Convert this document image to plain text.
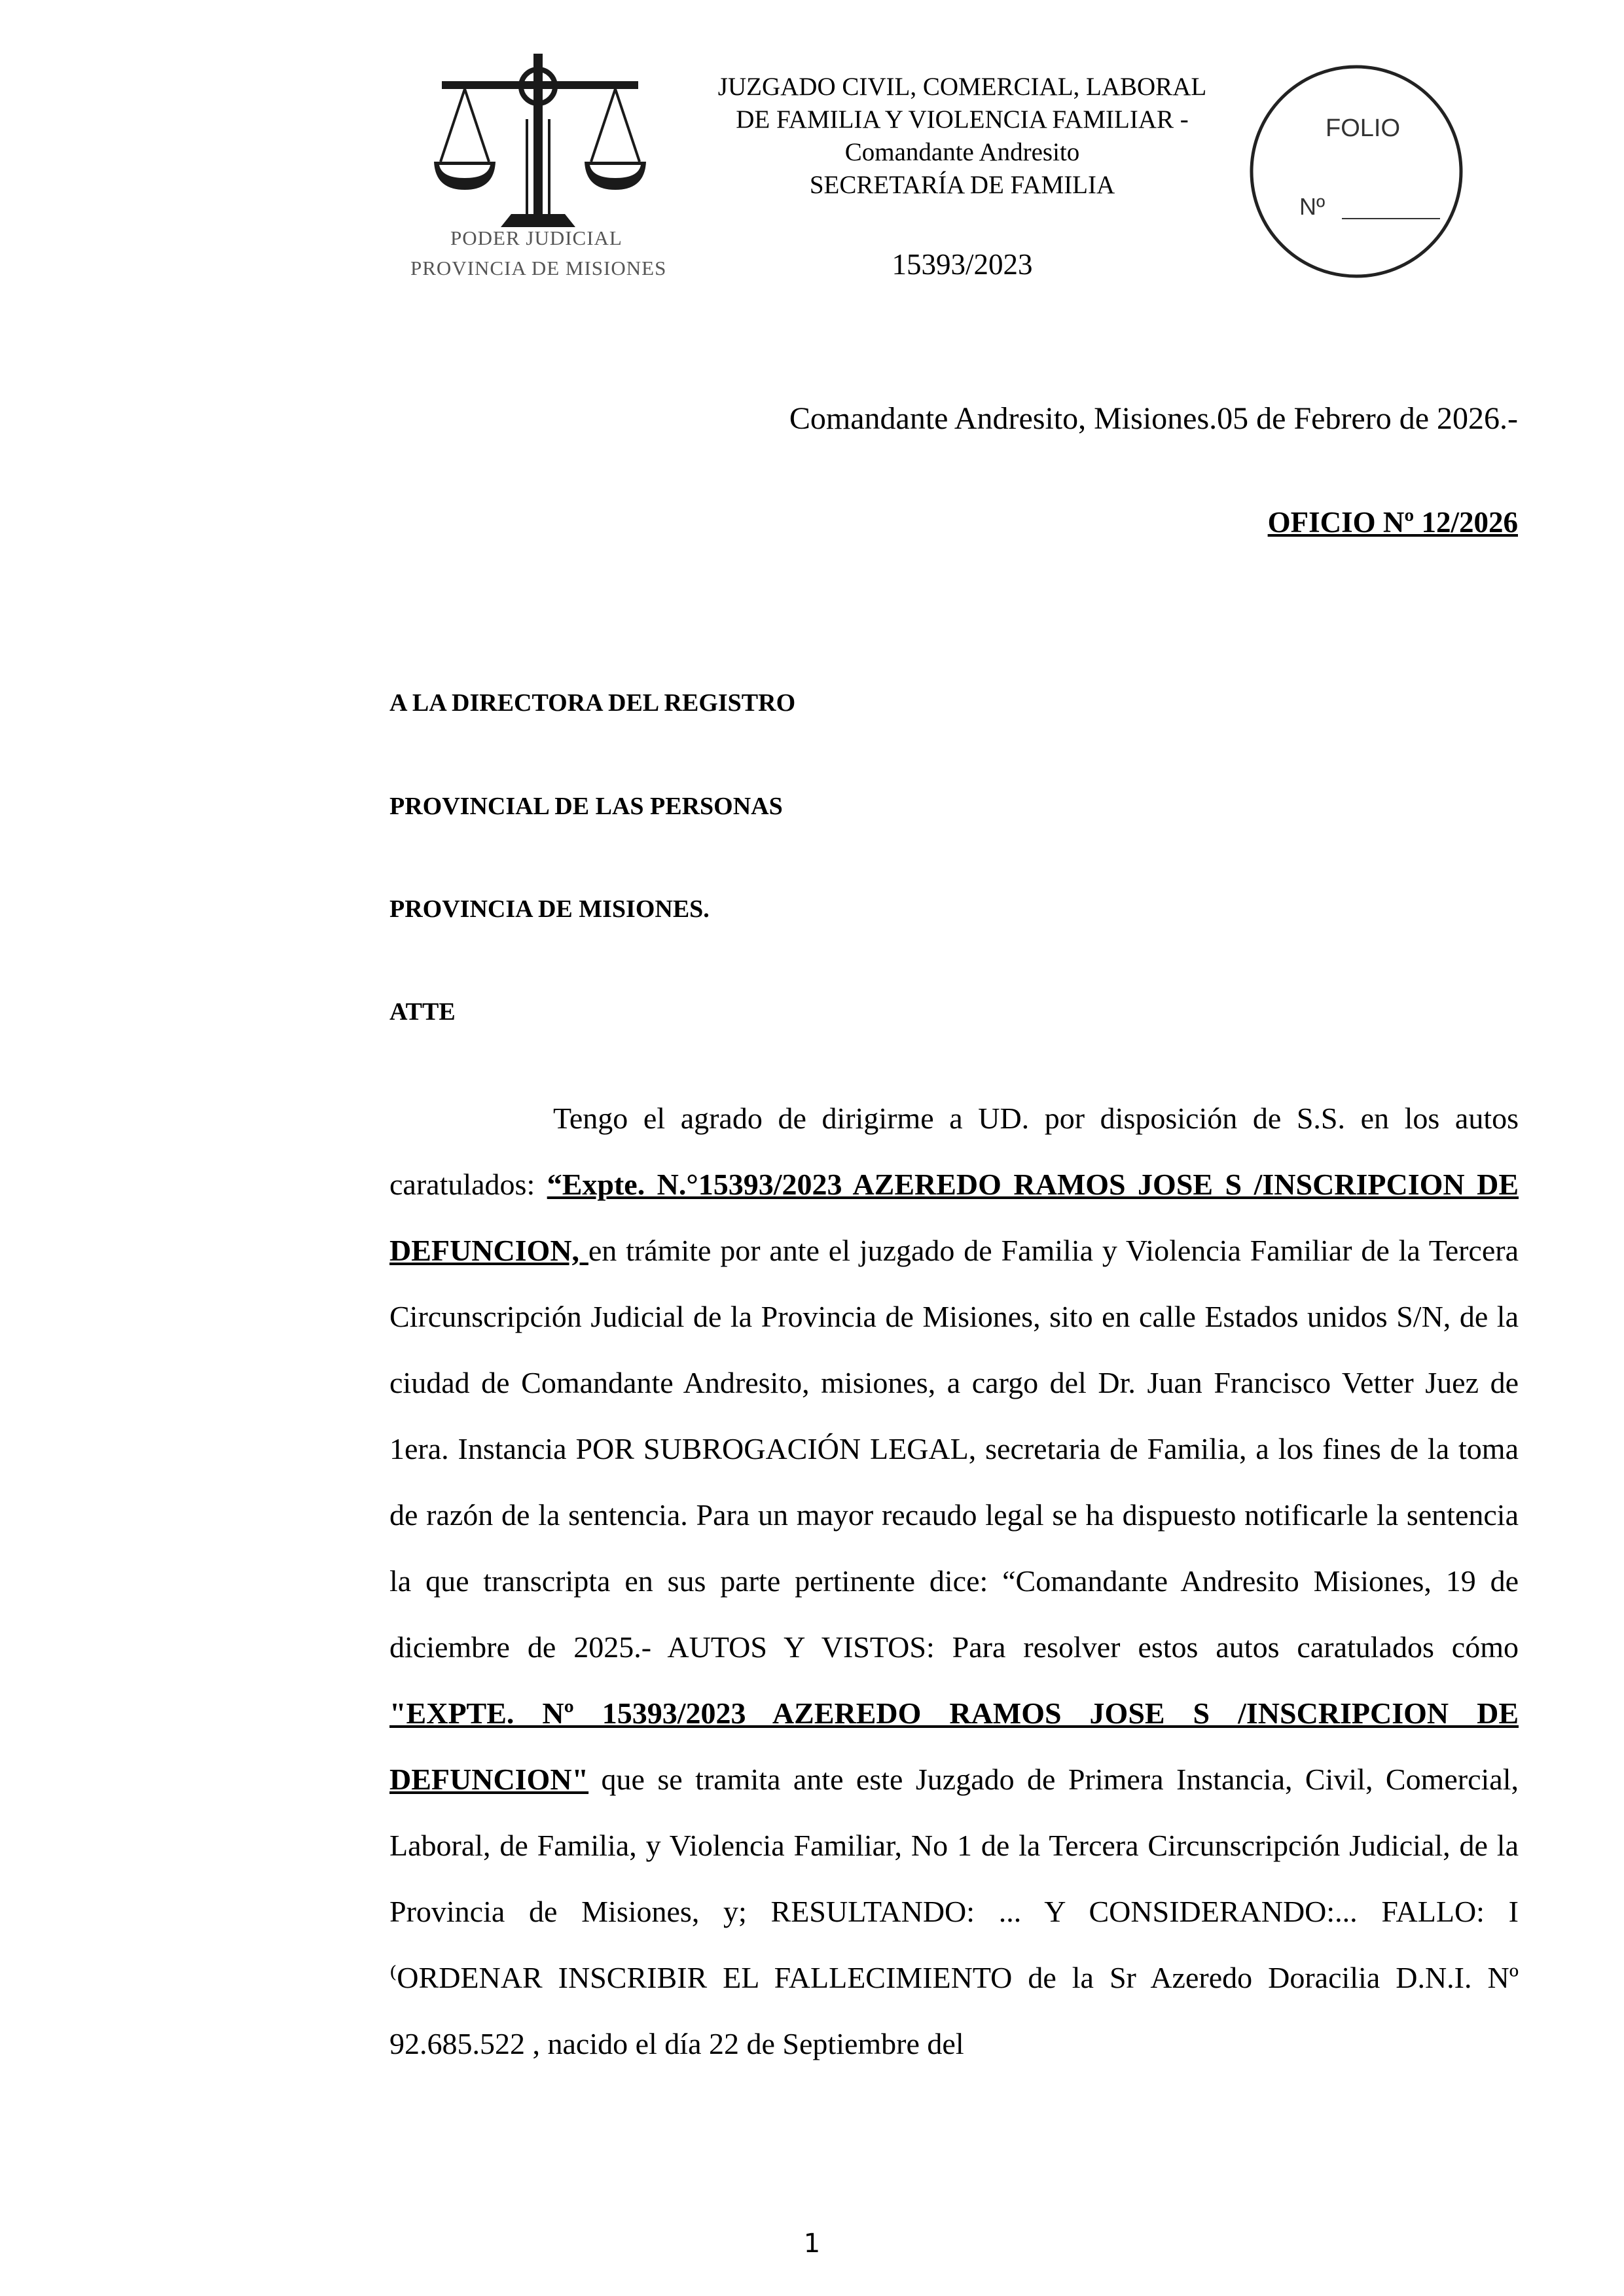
PODER JUDICIAL
PROVINCIA DE MISIONES
JUZGADO CIVIL, COMERCIAL, LABORAL
DE FAMILIA Y VIOLENCIA FAMILIAR -
Comandante Andresito
SECRETARÍA DE FAMILIA
15393/2023
FOLIO
Nº
Comandante Andresito, Misiones.05 de Febrero de 2026.-
OFICIO Nº 12/2026
A LA DIRECTORA DEL REGISTRO
PROVINCIAL DE LAS PERSONAS
PROVINCIA DE MISIONES.
ATTE
Tengo el agrado de dirigirme a UD. por disposición de S.S. en los autos caratulados: “Expte. N.°15393/2023 AZEREDO RAMOS JOSE S /INSCRIPCION DE DEFUNCION, en trámite por ante el juzgado de Familia y Violencia Familiar de la Tercera Circunscripción Judicial de la Provincia de Misiones, sito en calle Estados unidos S/N, de la ciudad de Comandante Andresito, misiones, a cargo del Dr. Juan Francisco Vetter Juez de 1era. Instancia POR SUBROGACIÓN LEGAL, secretaria de Familia, a los fines de la toma de razón de la sentencia. Para un mayor recaudo legal se ha dispuesto notificarle la sentencia la que transcripta en sus parte pertinente dice: “Comandante Andresito Misiones, 19 de diciembre de 2025.- AUTOS Y VISTOS: Para resolver estos autos caratulados cómo "EXPTE. Nº 15393/2023 AZEREDO RAMOS JOSE S /INSCRIPCION DE DEFUNCION" que se tramita ante este Juzgado de Primera Instancia, Civil, Comercial, Laboral, de Familia, y Violencia Familiar, No 1 de la Tercera Circunscripción Judicial, de la Provincia de Misiones, y; RESULTANDO: ... Y CONSIDERANDO:... FALLO: I ⁽ORDENAR INSCRIBIR EL FALLECIMIENTO de la Sr Azeredo Doracilia D.N.I. Nº 92.685.522 , nacido el día 22 de Septiembre del
1
